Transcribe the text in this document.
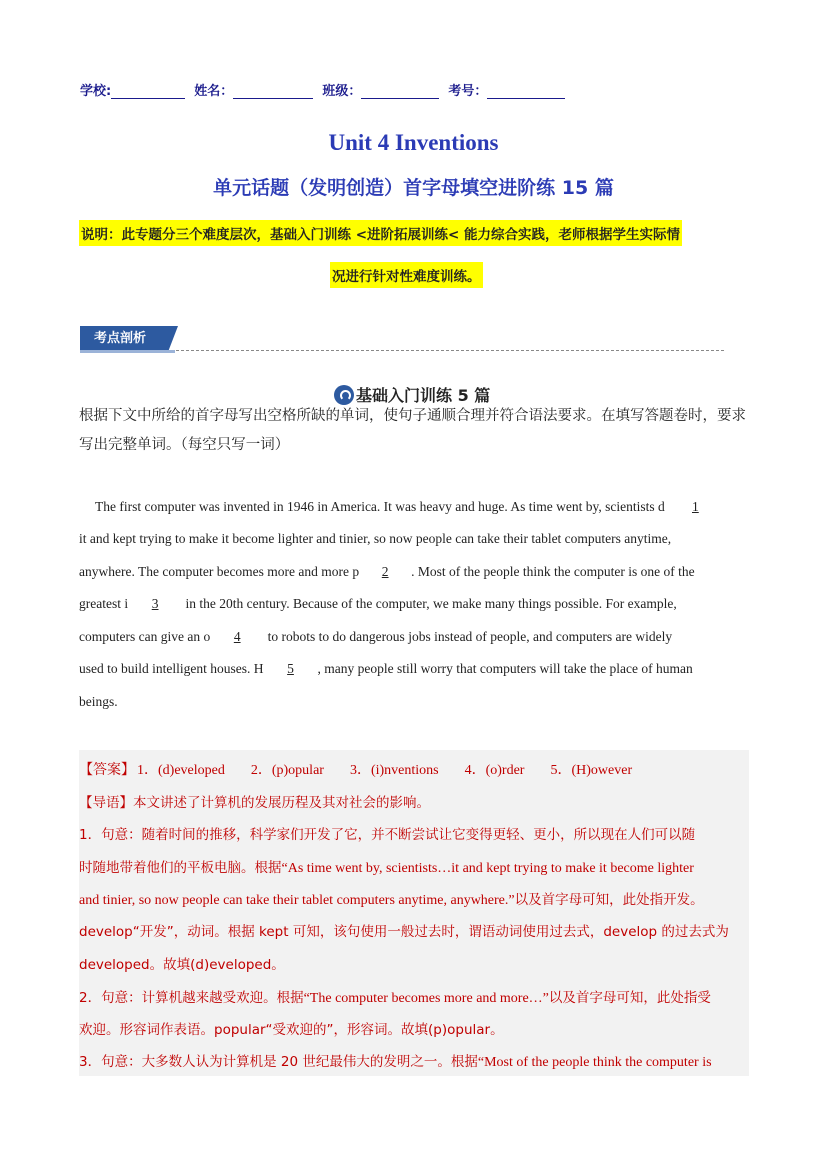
学校:	姓名：	班级：	考号：
Unit 4 Inventions
单元话题（发明创造）首字母填空进阶练 15 篇
说明：此专题分三个难度层次，基础入门训练 <进阶拓展训练< 能力综合实践，老师根据学生实际情
况进行针对性难度训练。
考点剖析
基础入门训练 5 篇
根据下文中所给的首字母写出空格所缺的单词，使句子通顺合理并符合语法要求。在填写答题卷时，要求写出完整单词。（每空只写一词）
The first computer was invented in 1946 in America. It was heavy and huge. As time went by, scientists d 1
it and kept trying to make it become lighter and tinier, so now people can take their tablet computers anytime,
anywhere. The computer becomes more and more p 2 . Most of the people think the computer is one of the
greatest i 3 in the 20th century. Because of the computer, we make many things possible. For example,
computers can give an o 4 to robots to do dangerous jobs instead of people, and computers are widely
used to build intelligent houses. H 5 , many people still worry that computers will take the place of human
beings.
【答案】 1．(d)eveloped 2．(p)opular 3．(i)nventions 4．(o)rder 5．(H)owever
【导语】本文讲述了计算机的发展历程及其对社会的影响。
1．句意：随着时间的推移，科学家们开发了它，并不断尝试让它变得更轻、更小，所以现在人们可以随
时随地带着他们的平板电脑。根据“As time went by, scientists…it and kept trying to make it become lighter
and tinier, so now people can take their tablet computers anytime, anywhere.”以及首字母可知，此处指开发。
develop“开发”，动词。根据 kept 可知，该句使用一般过去时，谓语动词使用过去式，develop 的过去式为
developed。故填(d)eveloped。
2．句意：计算机越来越受欢迎。根据“The computer becomes more and more…”以及首字母可知，此处指受
欢迎。形容词作表语。popular“受欢迎的”，形容词。故填(p)opular。
3．句意：大多数人认为计算机是 20 世纪最伟大的发明之一。根据“Most of the people think the computer is
